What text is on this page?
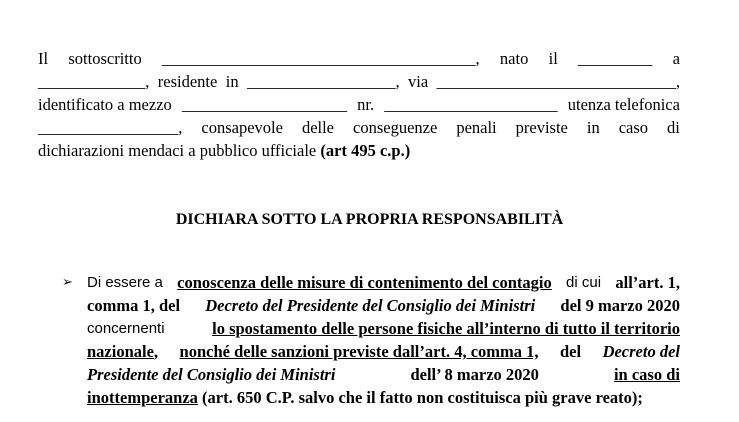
Il sottoscritto ______________________________________, nato il _________ a
_____________, residente in __________________, via _____________________________,
identificato a mezzo ____________________ nr. _____________________ utenza telefonica
_________________, consapevole delle conseguenze penali previste in caso di
dichiarazioni mendaci a pubblico ufficiale
(art 495 c.p.)
DICHIARA SOTTO LA PROPRIA RESPONSABILITÀ
➢ Di essere a conoscenza delle misure di contenimento del contagio di cui all’art. 1,
comma 1, del Decreto del Presidente del Consiglio dei Ministri del 9 marzo 2020
concernenti	lo spostamento delle persone fisiche all’interno di tutto il territorio
nazionale, nonché delle sanzioni previste dall’art. 4, comma 1, del Decreto del
Presidente del Consiglio dei Ministri	dell’ 8 marzo 2020	in caso di
inottemperanza
(art. 650 C.P. salvo che il fatto non costituisca più grave reato);
